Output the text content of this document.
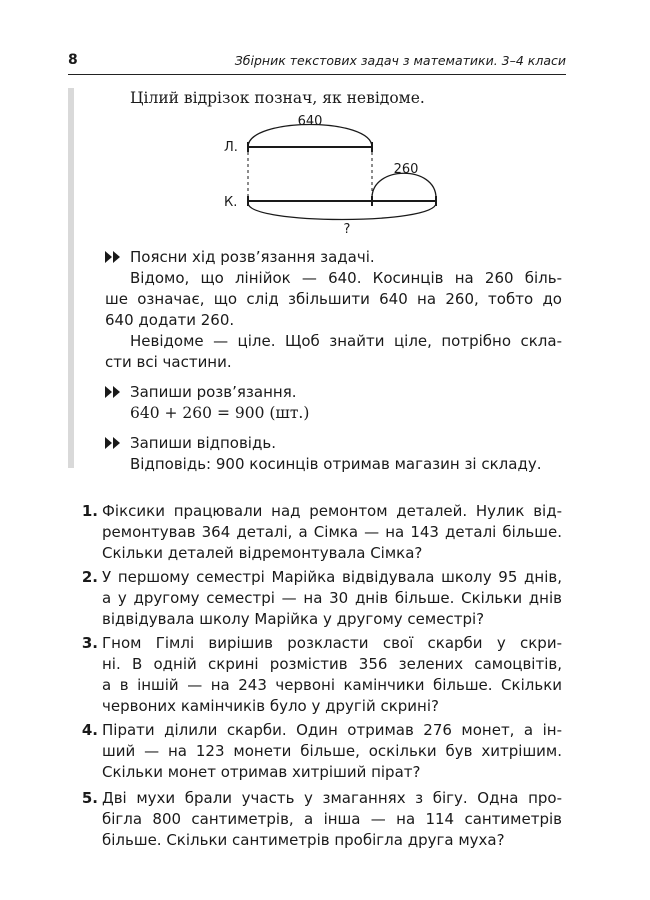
8	Збірник текстових задач з математики. 3–4 класи
Цілий відрізок познач, як невідоме.
Л.
К.
640
260
?
Поясни хід розв’язання задачі.
Відомо, що лінійок — 640. Косинців на 260 біль-
ше означає, що слід збільшити 640 на 260, тобто до
640 додати 260.
Невідоме — ціле. Щоб знайти ціле, потрібно скла-
сти всі частини.
Запиши розв’язання.
640 + 260 = 900 (шт.)
Запиши відповідь.
Відповідь: 900 косинців отримав магазин зі складу.
1. Фіксики працювали над ремонтом деталей. Нулик від-
ремонтував 364 деталі, а Сімка — на 143 деталі більше.
Скільки деталей відремонтувала Сімка?
2. У першому семестрі Марійка відвідувала школу 95 днів,
а у другому семестрі — на 30 днів більше. Скільки днів
відвідувала школу Марійка у другому семестрі?
3. Гном Гімлі вирішив розкласти свої скарби у скри-
ні. В одній скрині розмістив 356 зелених самоцвітів,
а в іншій — на 243 червоні камінчики більше. Скільки
червоних камінчиків було у другій скрині?
4. Пірати ділили скарби. Один отримав 276 монет, а ін-
ший — на 123 монети більше, оскільки був хитрішим.
Скільки монет отримав хитріший пірат?
5. Дві мухи брали участь у змаганнях з бігу. Одна про-
бігла 800 сантиметрів, а інша — на 114 сантиметрів
більше. Скільки сантиметрів пробігла друга муха?
